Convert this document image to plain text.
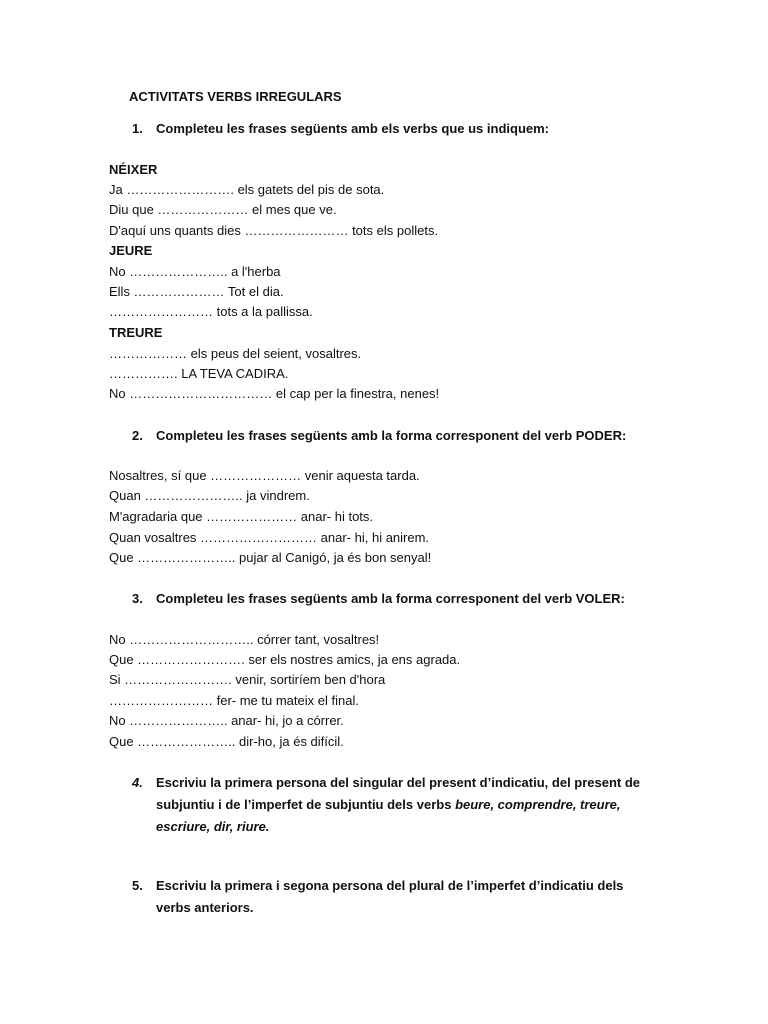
ACTIVITATS VERBS IRREGULARS
1. Completeu les frases següents amb els verbs que us indiquem:
NÉIXER
Ja ……………………. els gatets del pis de sota.
Diu que ………………… el mes que ve.
D'aquí uns quants dies …………………… tots els pollets.
JEURE
No ………………….. a l'herba
Ells ………………… Tot el dia.
…………………… tots a la pallissa.
TREURE
……………… els peus del seient, vosaltres.
……………. LA TEVA CADIRA.
No …………………………… el cap per la finestra, nenes!
2. Completeu les frases següents amb la forma corresponent del verb PODER:
Nosaltres, sí que ………………… venir aquesta tarda.
Quan ………………….. ja vindrem.
M'agradaria que ………………… anar- hi tots.
Quan vosaltres ……………………… anar- hi, hi anirem.
Que ………………….. pujar al Canigó, ja és bon senyal!
3. Completeu les frases següents amb la forma corresponent del verb VOLER:
No ……………………….. córrer tant, vosaltres!
Que ……………………. ser els nostres amics, ja ens agrada.
Si ……………………. venir, sortiríem ben d'hora
…………………… fer- me tu mateix el final.
No ………………….. anar- hi, jo a córrer.
Que ………………….. dir-ho, ja és difícil.
4. Escriviu la primera persona del singular del present d’indicatiu, del present de subjuntiu i de l’imperfet de subjuntiu dels verbs beure, comprendre, treure, escriure, dir, riure.
5. Escriviu la primera i segona persona del plural de l’imperfet d’indicatiu dels verbs anteriors.
